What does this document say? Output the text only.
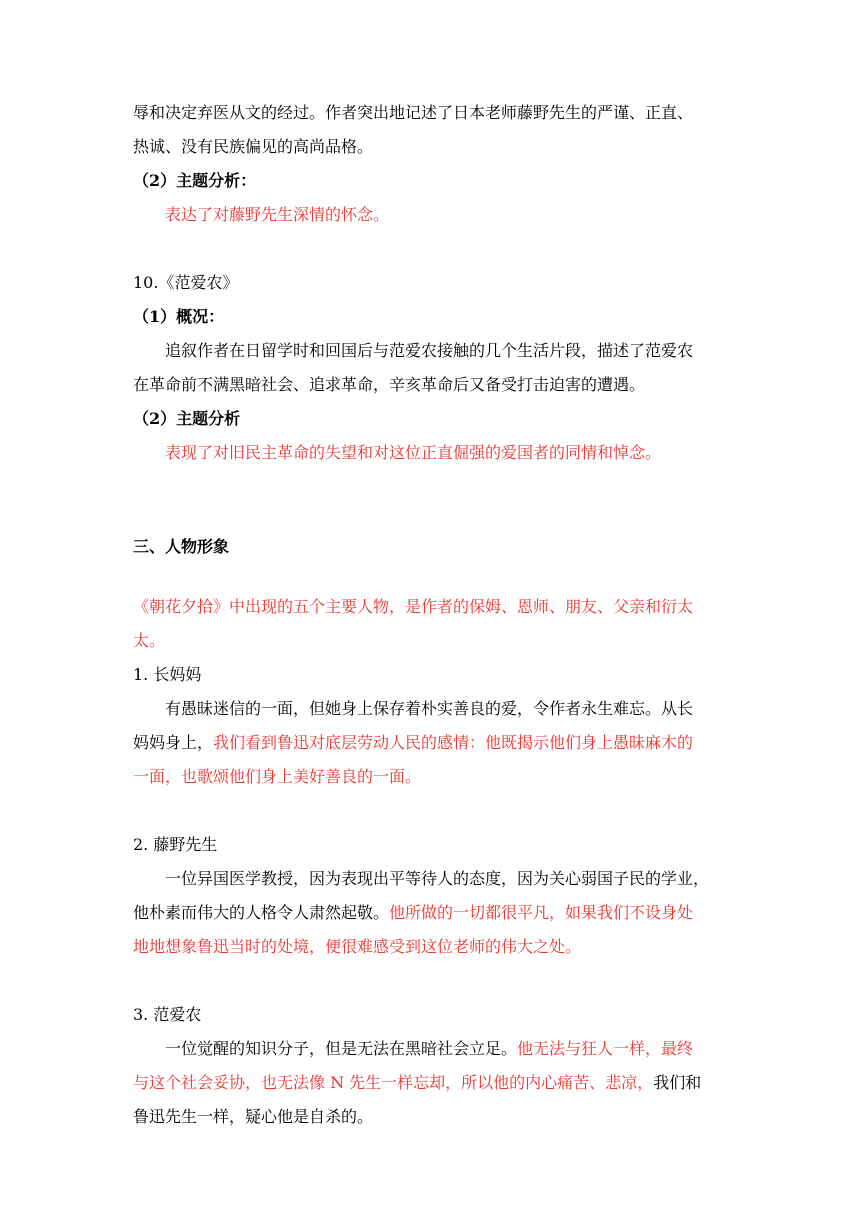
辱和决定弃医从文的经过。作者突出地记述了日本老师藤野先生的严谨、正直、
热诚、没有民族偏见的高尚品格。
（2）主题分析：
表达了对藤野先生深情的怀念。
10.《范爱农》
（1）概况：
追叙作者在日留学时和回国后与范爱农接触的几个生活片段，描述了范爱农
在革命前不满黑暗社会、追求革命，辛亥革命后又备受打击迫害的遭遇。
（2）主题分析
表现了对旧民主革命的失望和对这位正直倔强的爱国者的同情和悼念。
三、人物形象
《朝花夕拾》中出现的五个主要人物，是作者的保姆、恩师、朋友、父亲和衍太
太。
1. 长妈妈
有愚昧迷信的一面，但她身上保存着朴实善良的爱，令作者永生难忘。从长
妈妈身上，我们看到鲁迅对底层劳动人民的感情：他既揭示他们身上愚昧麻木的
一面，也歌颂他们身上美好善良的一面。
2. 藤野先生
一位异国医学教授，因为表现出平等待人的态度，因为关心弱国子民的学业，
他朴素而伟大的人格令人肃然起敬。他所做的一切都很平凡，如果我们不设身处
地地想象鲁迅当时的处境，便很难感受到这位老师的伟大之处。
3. 范爱农
一位觉醒的知识分子，但是无法在黑暗社会立足。他无法与狂人一样，最终
与这个社会妥协，也无法像 N 先生一样忘却，所以他的内心痛苦、悲凉，我们和
鲁迅先生一样，疑心他是自杀的。
